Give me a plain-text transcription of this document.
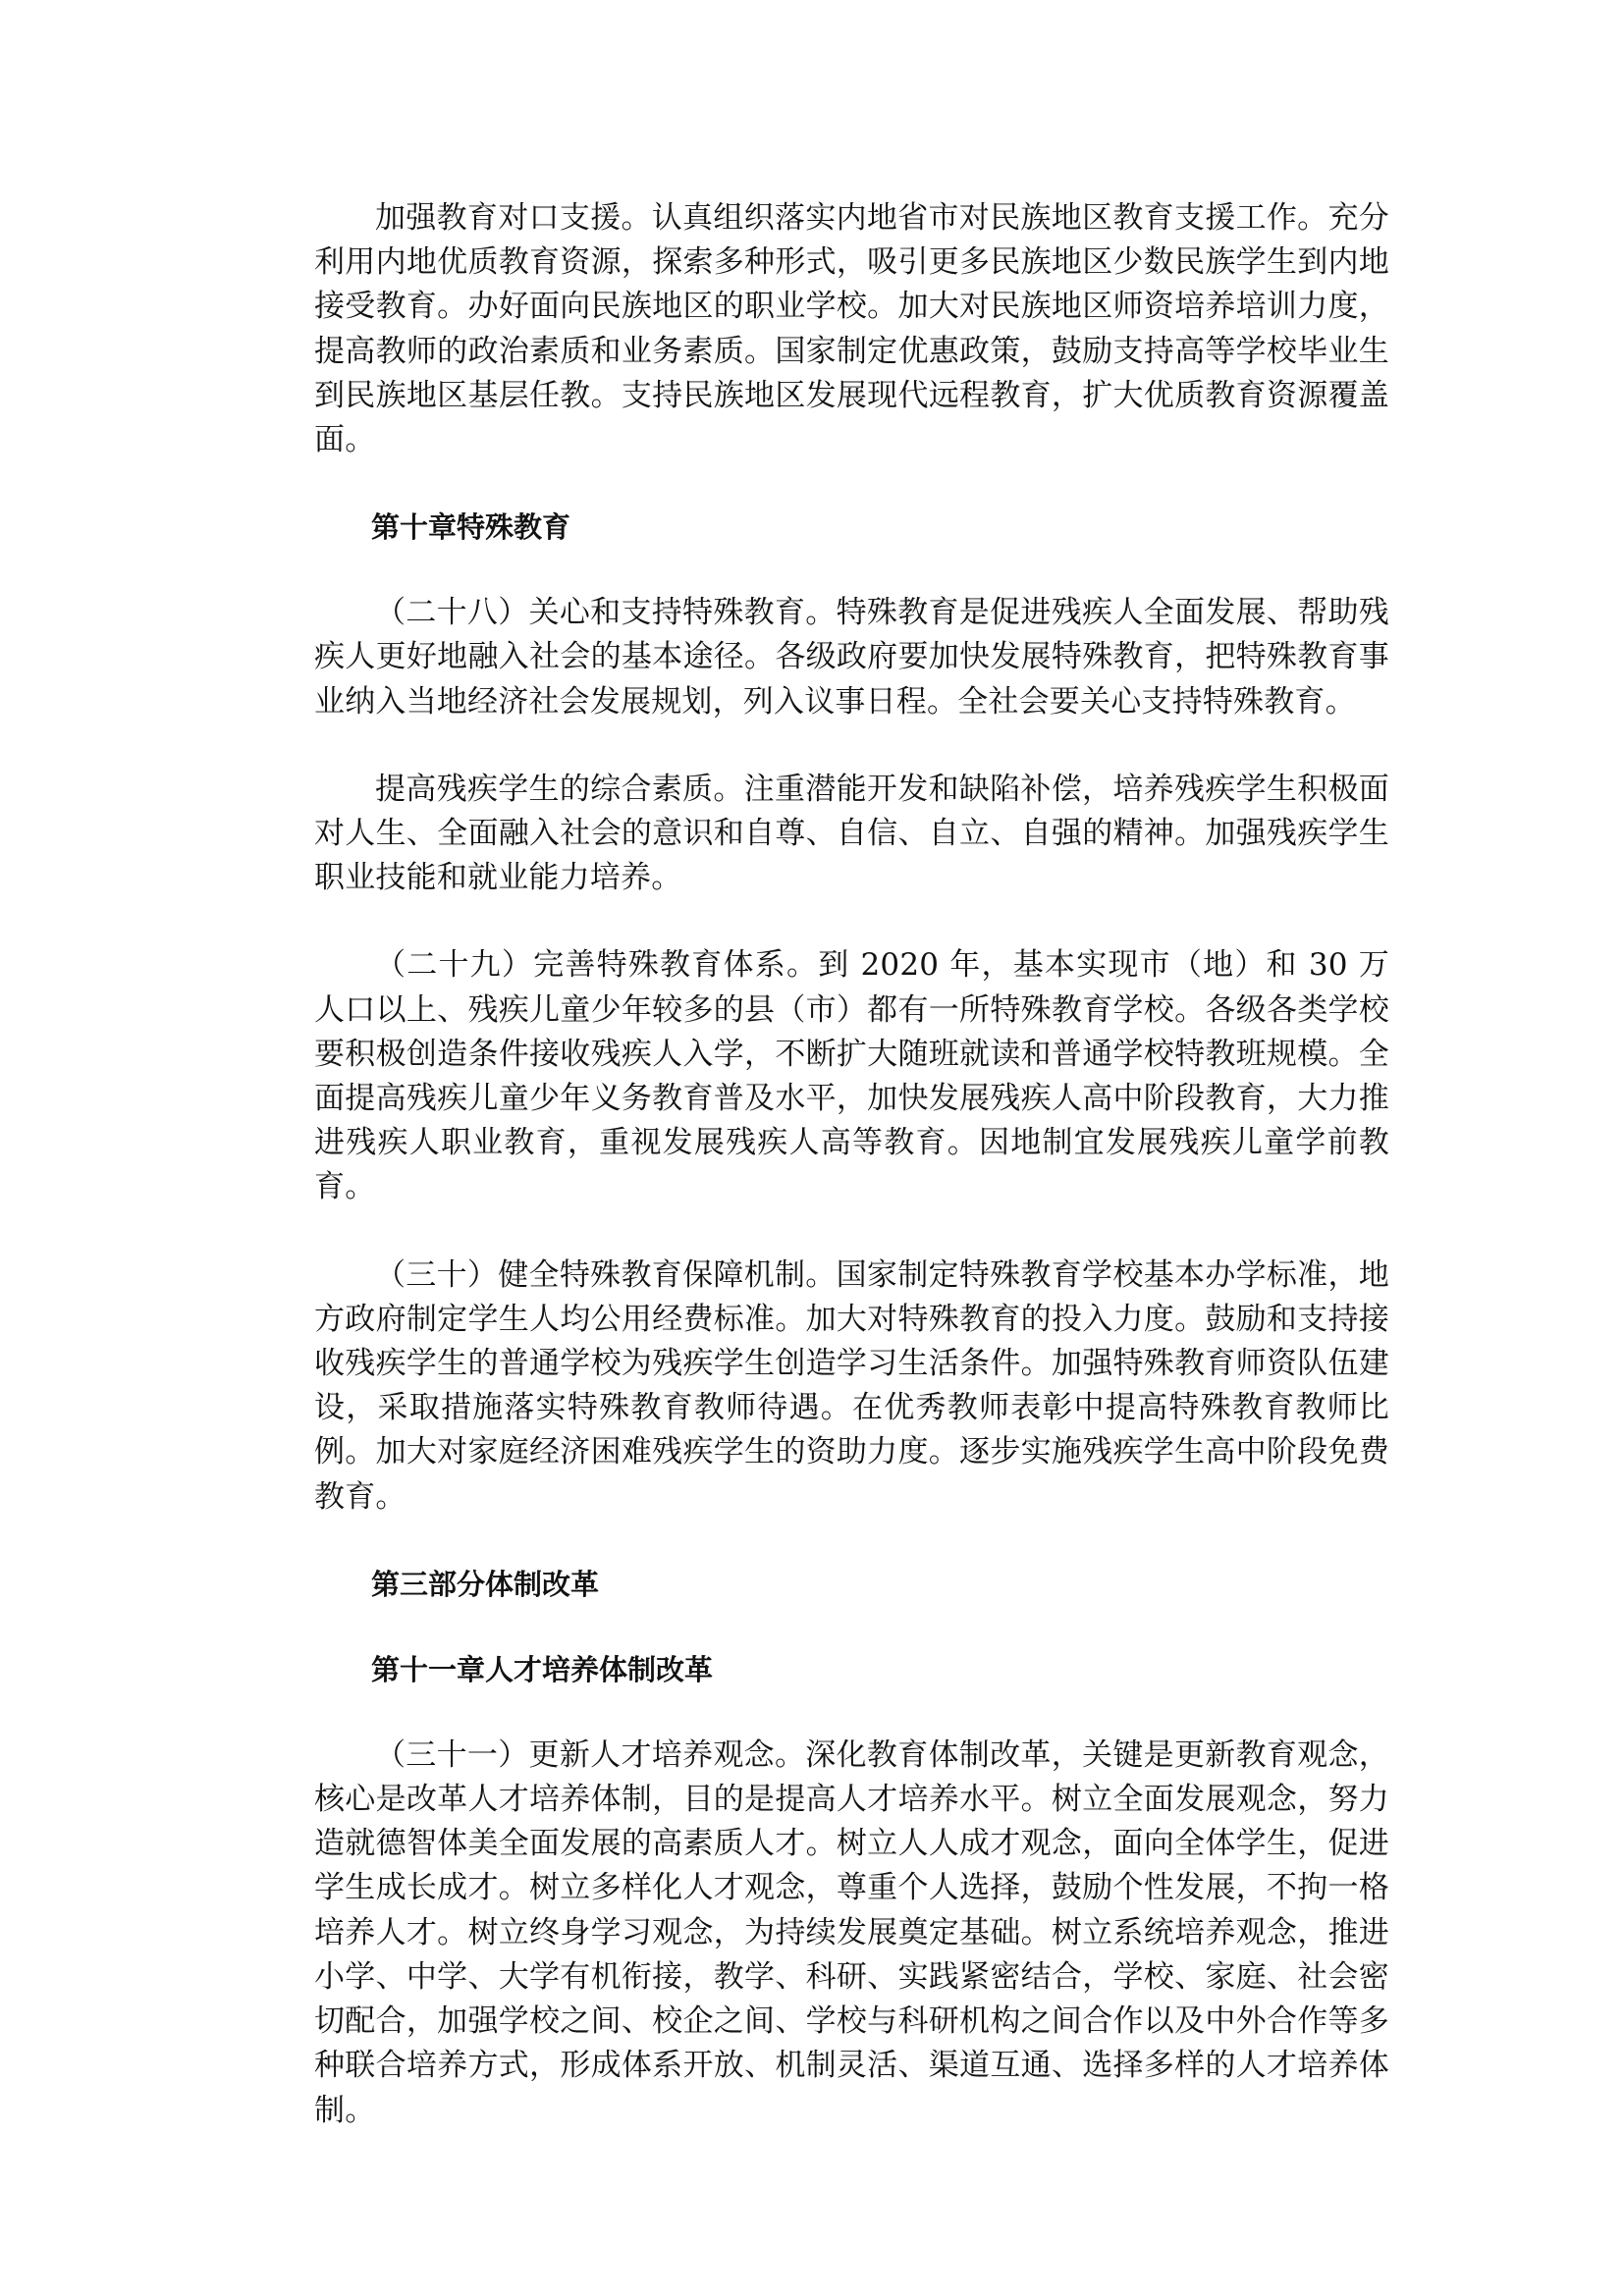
加强教育对口支援。认真组织落实内地省市对民族地区教育支援工作。充分利用内地优质教育资源，探索多种形式，吸引更多民族地区少数民族学生到内地接受教育。办好面向民族地区的职业学校。加大对民族地区师资培养培训力度，提高教师的政治素质和业务素质。国家制定优惠政策，鼓励支持高等学校毕业生到民族地区基层任教。支持民族地区发展现代远程教育，扩大优质教育资源覆盖面。

第十章特殊教育

（二十八）关心和支持特殊教育。特殊教育是促进残疾人全面发展、帮助残疾人更好地融入社会的基本途径。各级政府要加快发展特殊教育，把特殊教育事业纳入当地经济社会发展规划，列入议事日程。全社会要关心支持特殊教育。

提高残疾学生的综合素质。注重潜能开发和缺陷补偿，培养残疾学生积极面对人生、全面融入社会的意识和自尊、自信、自立、自强的精神。加强残疾学生职业技能和就业能力培养。

（二十九）完善特殊教育体系。到 2020 年，基本实现市（地）和 30 万人口以上、残疾儿童少年较多的县（市）都有一所特殊教育学校。各级各类学校要积极创造条件接收残疾人入学，不断扩大随班就读和普通学校特教班规模。全面提高残疾儿童少年义务教育普及水平，加快发展残疾人高中阶段教育，大力推进残疾人职业教育，重视发展残疾人高等教育。因地制宜发展残疾儿童学前教育。

（三十）健全特殊教育保障机制。国家制定特殊教育学校基本办学标准，地方政府制定学生人均公用经费标准。加大对特殊教育的投入力度。鼓励和支持接收残疾学生的普通学校为残疾学生创造学习生活条件。加强特殊教育师资队伍建设，采取措施落实特殊教育教师待遇。在优秀教师表彰中提高特殊教育教师比例。加大对家庭经济困难残疾学生的资助力度。逐步实施残疾学生高中阶段免费教育。

第三部分体制改革
第十一章人才培养体制改革

（三十一）更新人才培养观念。深化教育体制改革，关键是更新教育观念，核心是改革人才培养体制，目的是提高人才培养水平。树立全面发展观念，努力造就德智体美全面发展的高素质人才。树立人人成才观念，面向全体学生，促进学生成长成才。树立多样化人才观念，尊重个人选择，鼓励个性发展，不拘一格培养人才。树立终身学习观念，为持续发展奠定基础。树立系统培养观念，推进小学、中学、大学有机衔接，教学、科研、实践紧密结合，学校、家庭、社会密切配合，加强学校之间、校企之间、学校与科研机构之间合作以及中外合作等多种联合培养方式，形成体系开放、机制灵活、渠道互通、选择多样的人才培养体制。
